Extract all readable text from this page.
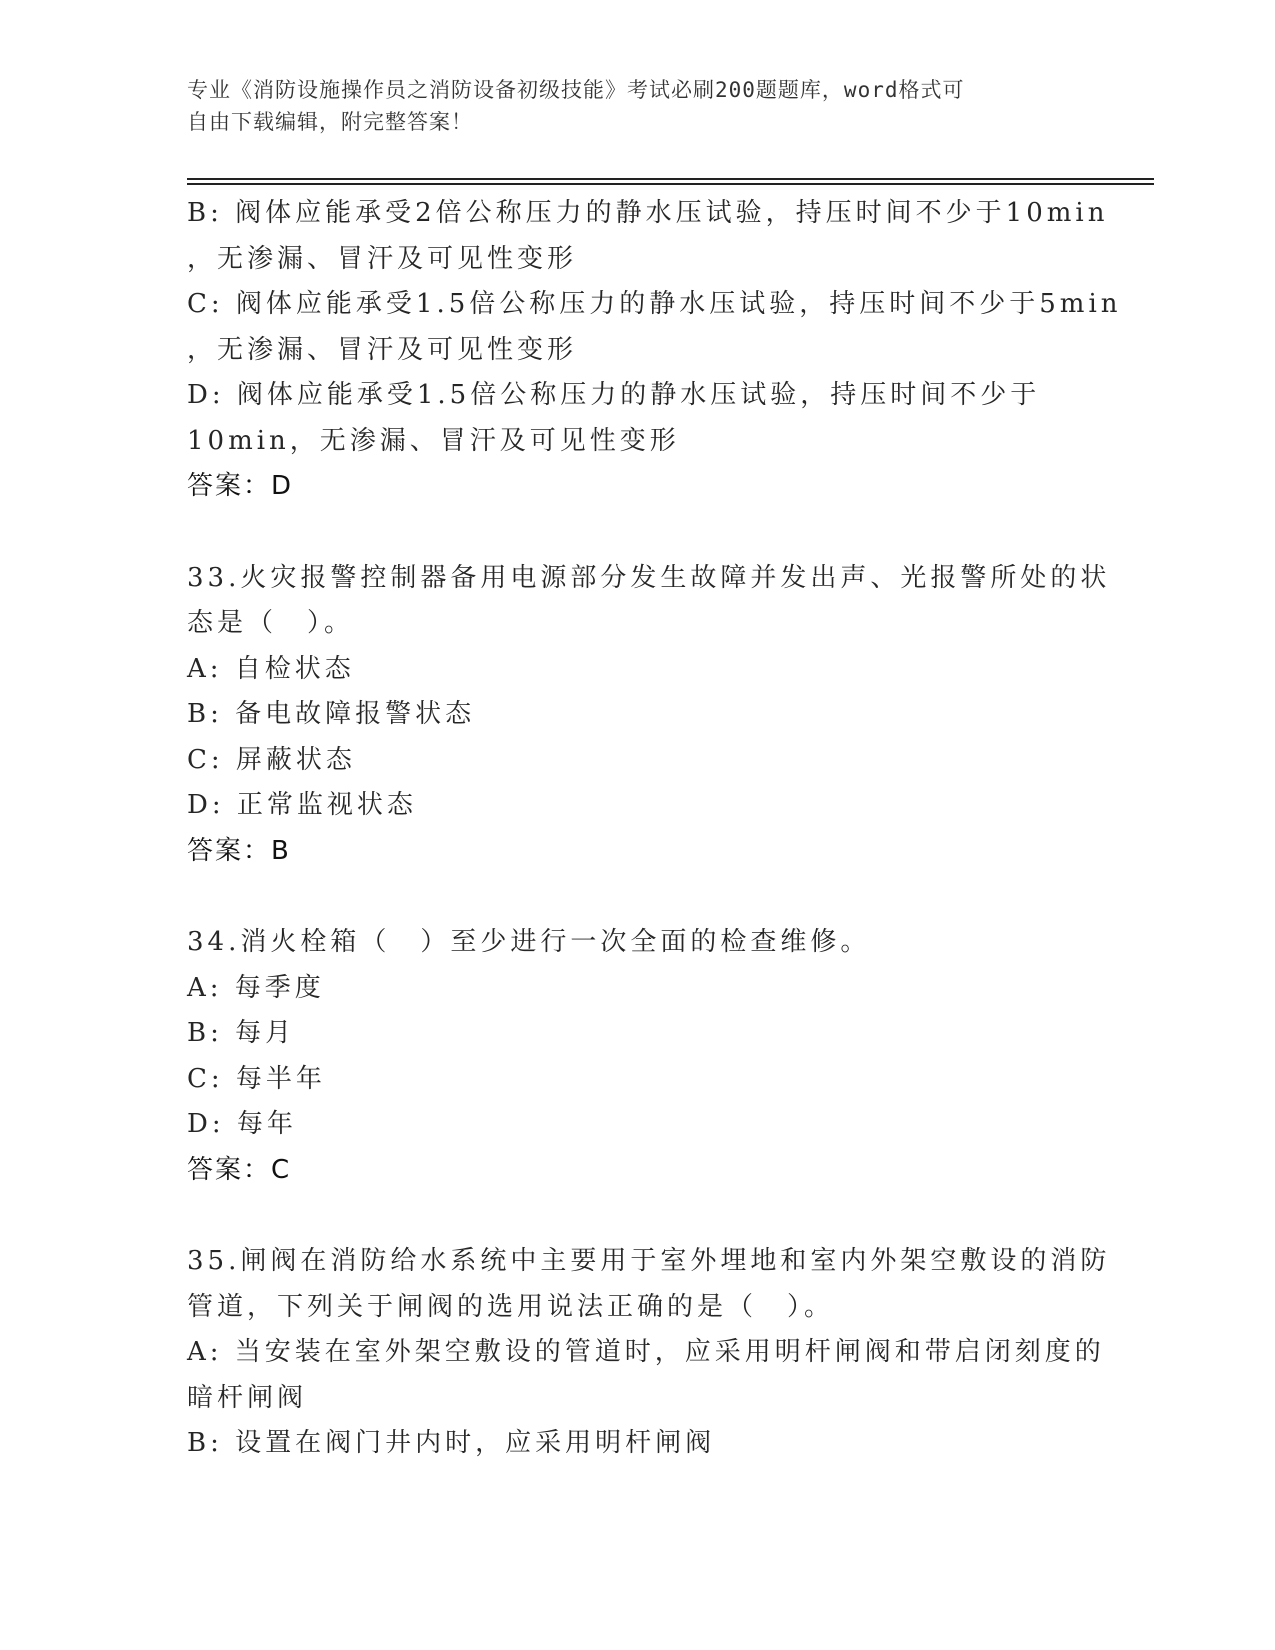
专业《消防设施操作员之消防设备初级技能》考试必刷200题题库，word格式可
自由下载编辑，附完整答案！
B: 阀体应能承受2倍公称压力的静水压试验，持压时间不少于10min
，无渗漏、冒汗及可见性变形
C: 阀体应能承受1.5倍公称压力的静水压试验，持压时间不少于5min
，无渗漏、冒汗及可见性变形
D: 阀体应能承受1.5倍公称压力的静水压试验，持压时间不少于
10min，无渗漏、冒汗及可见性变形
答案：D
33.火灾报警控制器备用电源部分发生故障并发出声、光报警所处的状
态是（　）。
A: 自检状态
B: 备电故障报警状态
C: 屏蔽状态
D: 正常监视状态
答案：B
34.消火栓箱（　）至少进行一次全面的检查维修。
A: 每季度
B: 每月
C: 每半年
D: 每年
答案：C
35.闸阀在消防给水系统中主要用于室外埋地和室内外架空敷设的消防
管道，下列关于闸阀的选用说法正确的是（　）。
A: 当安装在室外架空敷设的管道时，应采用明杆闸阀和带启闭刻度的
暗杆闸阀
B: 设置在阀门井内时，应采用明杆闸阀
